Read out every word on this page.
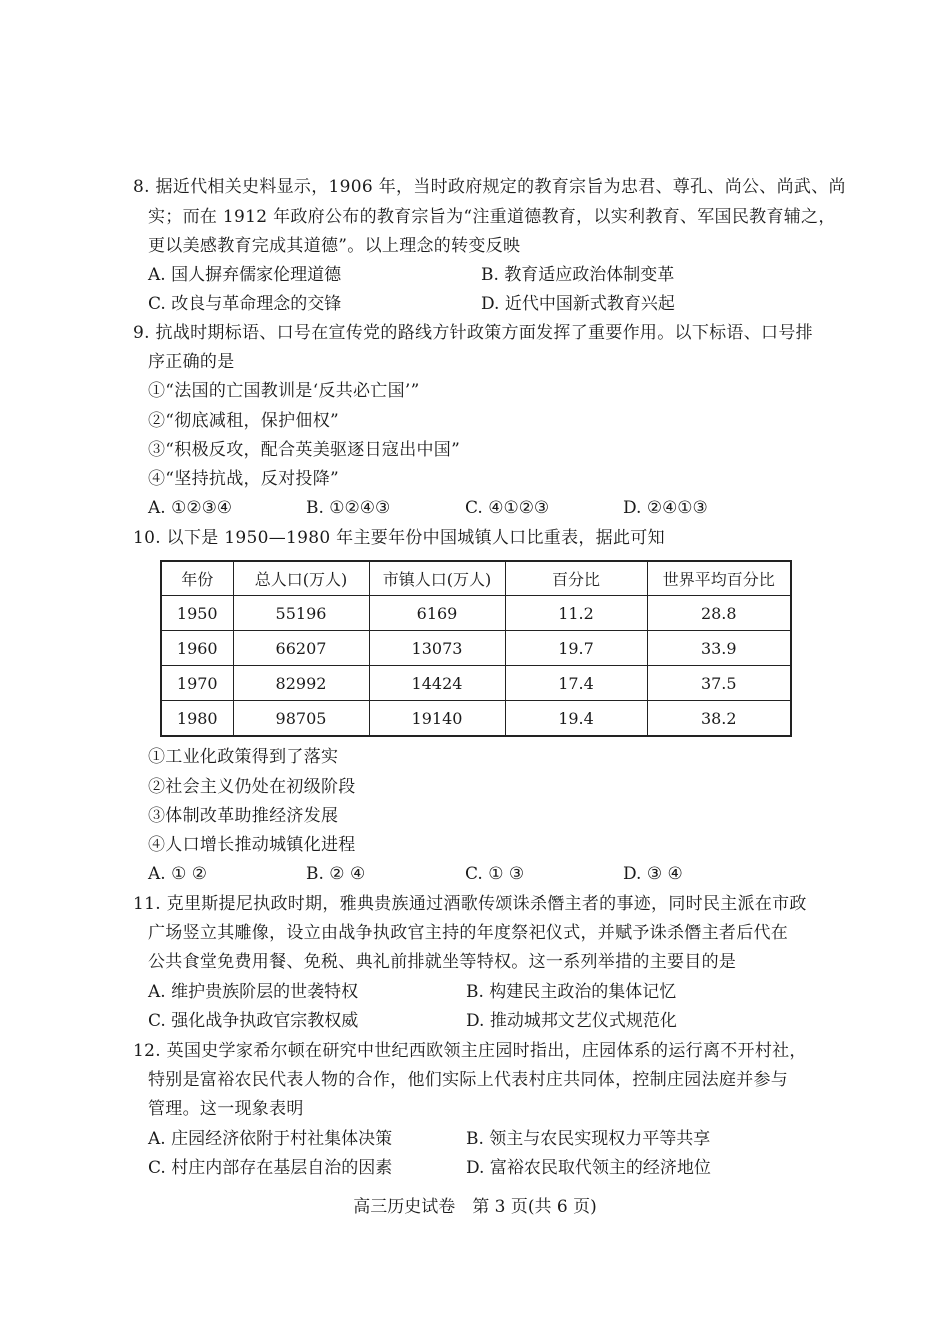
8. 据近代相关史料显示，1906 年，当时政府规定的教育宗旨为忠君、尊孔、尚公、尚武、尚
实；而在 1912 年政府公布的教育宗旨为“注重道德教育，以实利教育、军国民教育辅之，
更以美感教育完成其道德”。以上理念的转变反映
A. 国人摒弃儒家伦理道德	B. 教育适应政治体制变革
C. 改良与革命理念的交锋	D. 近代中国新式教育兴起
9. 抗战时期标语、口号在宣传党的路线方针政策方面发挥了重要作用。以下标语、口号排
序正确的是
①“法国的亡国教训是‘反共必亡国’”
②“彻底减租，保护佃权”
③“积极反攻，配合英美驱逐日寇出中国”
④“坚持抗战，反对投降”
A. ①②③④	B. ①②④③	C. ④①②③	D. ②④①③
10. 以下是 1950—1980 年主要年份中国城镇人口比重表，据此可知
年份	总人口(万人)	市镇人口(万人)	百分比	世界平均百分比
1950	55196	6169	11.2	28.8
1960	66207	13073	19.7	33.9
1970	82992	14424	17.4	37.5
1980	98705	19140	19.4	38.2
①工业化政策得到了落实
②社会主义仍处在初级阶段
③体制改革助推经济发展
④人口增长推动城镇化进程
A. ① ②	B. ② ④	C. ① ③	D. ③ ④
11. 克里斯提尼执政时期，雅典贵族通过酒歌传颂诛杀僭主者的事迹，同时民主派在市政
广场竖立其雕像，设立由战争执政官主持的年度祭祀仪式，并赋予诛杀僭主者后代在
公共食堂免费用餐、免税、典礼前排就坐等特权。这一系列举措的主要目的是
A. 维护贵族阶层的世袭特权	B. 构建民主政治的集体记忆
C. 强化战争执政官宗教权威	D. 推动城邦文艺仪式规范化
12. 英国史学家希尔顿在研究中世纪西欧领主庄园时指出，庄园体系的运行离不开村社，
特别是富裕农民代表人物的合作，他们实际上代表村庄共同体，控制庄园法庭并参与
管理。这一现象表明
A. 庄园经济依附于村社集体决策	B. 领主与农民实现权力平等共享
C. 村庄内部存在基层自治的因素	D. 富裕农民取代领主的经济地位
高三历史试卷　第 3 页(共 6 页)
